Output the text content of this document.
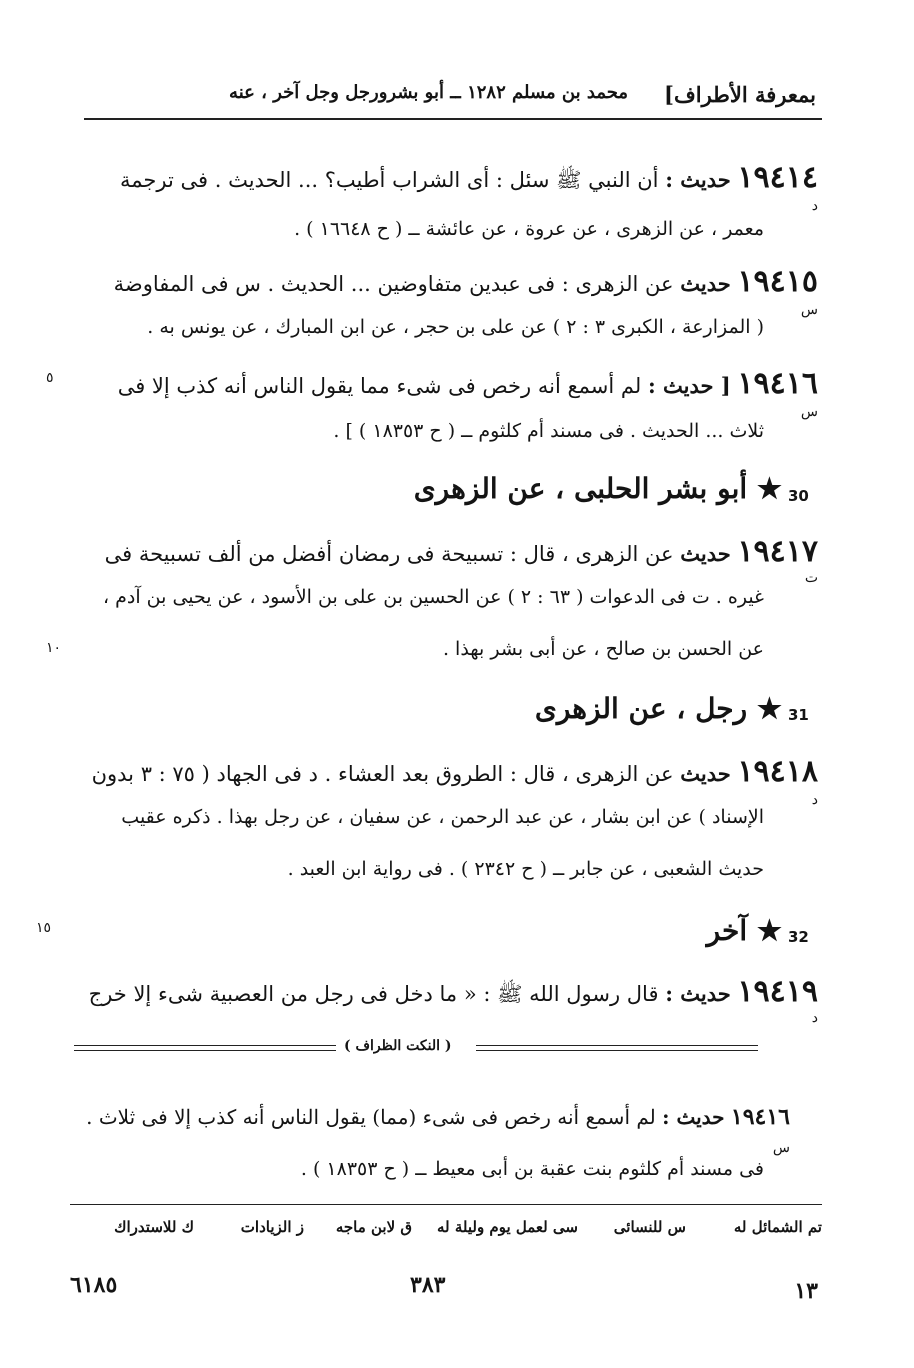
بمعرفة الأطراف]
محمد بن مسلم ١٢٨٢ ــ أبو بشرورجل وجل آخر ، عنه
١٩٤١٤ حديث : أن النبي ﷺ سئل : أى الشراب أطيب؟ ... الحديث . فى ترجمة
د
معمر ، عن الزهرى ، عن عروة ، عن عائشة ــ ( ح ١٦٦٤٨ ) .
١٩٤١٥ حديث عن الزهرى : فى عبدين متفاوضين ... الحديث . س فى المفاوضة
س
( المزارعة ، الكبرى ٣ : ٢ ) عن على بن حجر ، عن ابن المبارك ، عن يونس به .
١٩٤١٦ [ حديث : لم أسمع أنه رخص فى شىء مما يقول الناس أنه كذب إلا فى
٥
س
ثلاث ... الحديث . فى مسند أم كلثوم ــ ( ح ١٨٣٥٣ ) ] .
30
★ أبو بشر الحلبى ، عن الزهرى
١٩٤١٧ حديث عن الزهرى ، قال : تسبيحة فى رمضان أفضل من ألف تسبيحة فى
ت
غيره . ت فى الدعوات ( ٦٣ : ٢ ) عن الحسين بن على بن الأسود ، عن يحيى بن آدم ،
عن الحسن بن صالح ، عن أبى بشر بهذا .
١٠
31
★ رجل ، عن الزهرى
١٩٤١٨ حديث عن الزهرى ، قال : الطروق بعد العشاء . د فى الجهاد ( ٧٥ : ٣ بدون
د
الإسناد ) عن ابن بشار ، عن عبد الرحمن ، عن سفيان ، عن رجل بهذا . ذكره عقيب
حديث الشعبى ، عن جابر ــ ( ح ٢٣٤٢ ) . فى رواية ابن العبد .
32
١٥	★ آخر
١٩٤١٩ حديث : قال رسول الله ﷺ : « ما دخل فى رجل من العصبية شىء إلا خرج
د
( النكت الظراف )
١٩٤١٦ حديث : لم أسمع أنه رخص فى شىء (مما) يقول الناس أنه كذب إلا فى ثلاث .
س
فى مسند أم كلثوم بنت عقبة بن أبى معيط ــ ( ح ١٨٣٥٣ ) .
تم الشمائل له
س للنسائى
سى لعمل يوم وليلة له
ق لابن ماجه
ز الزيادات
ك للاستدراك
١٣
٣٨٣
٦١٨٥
